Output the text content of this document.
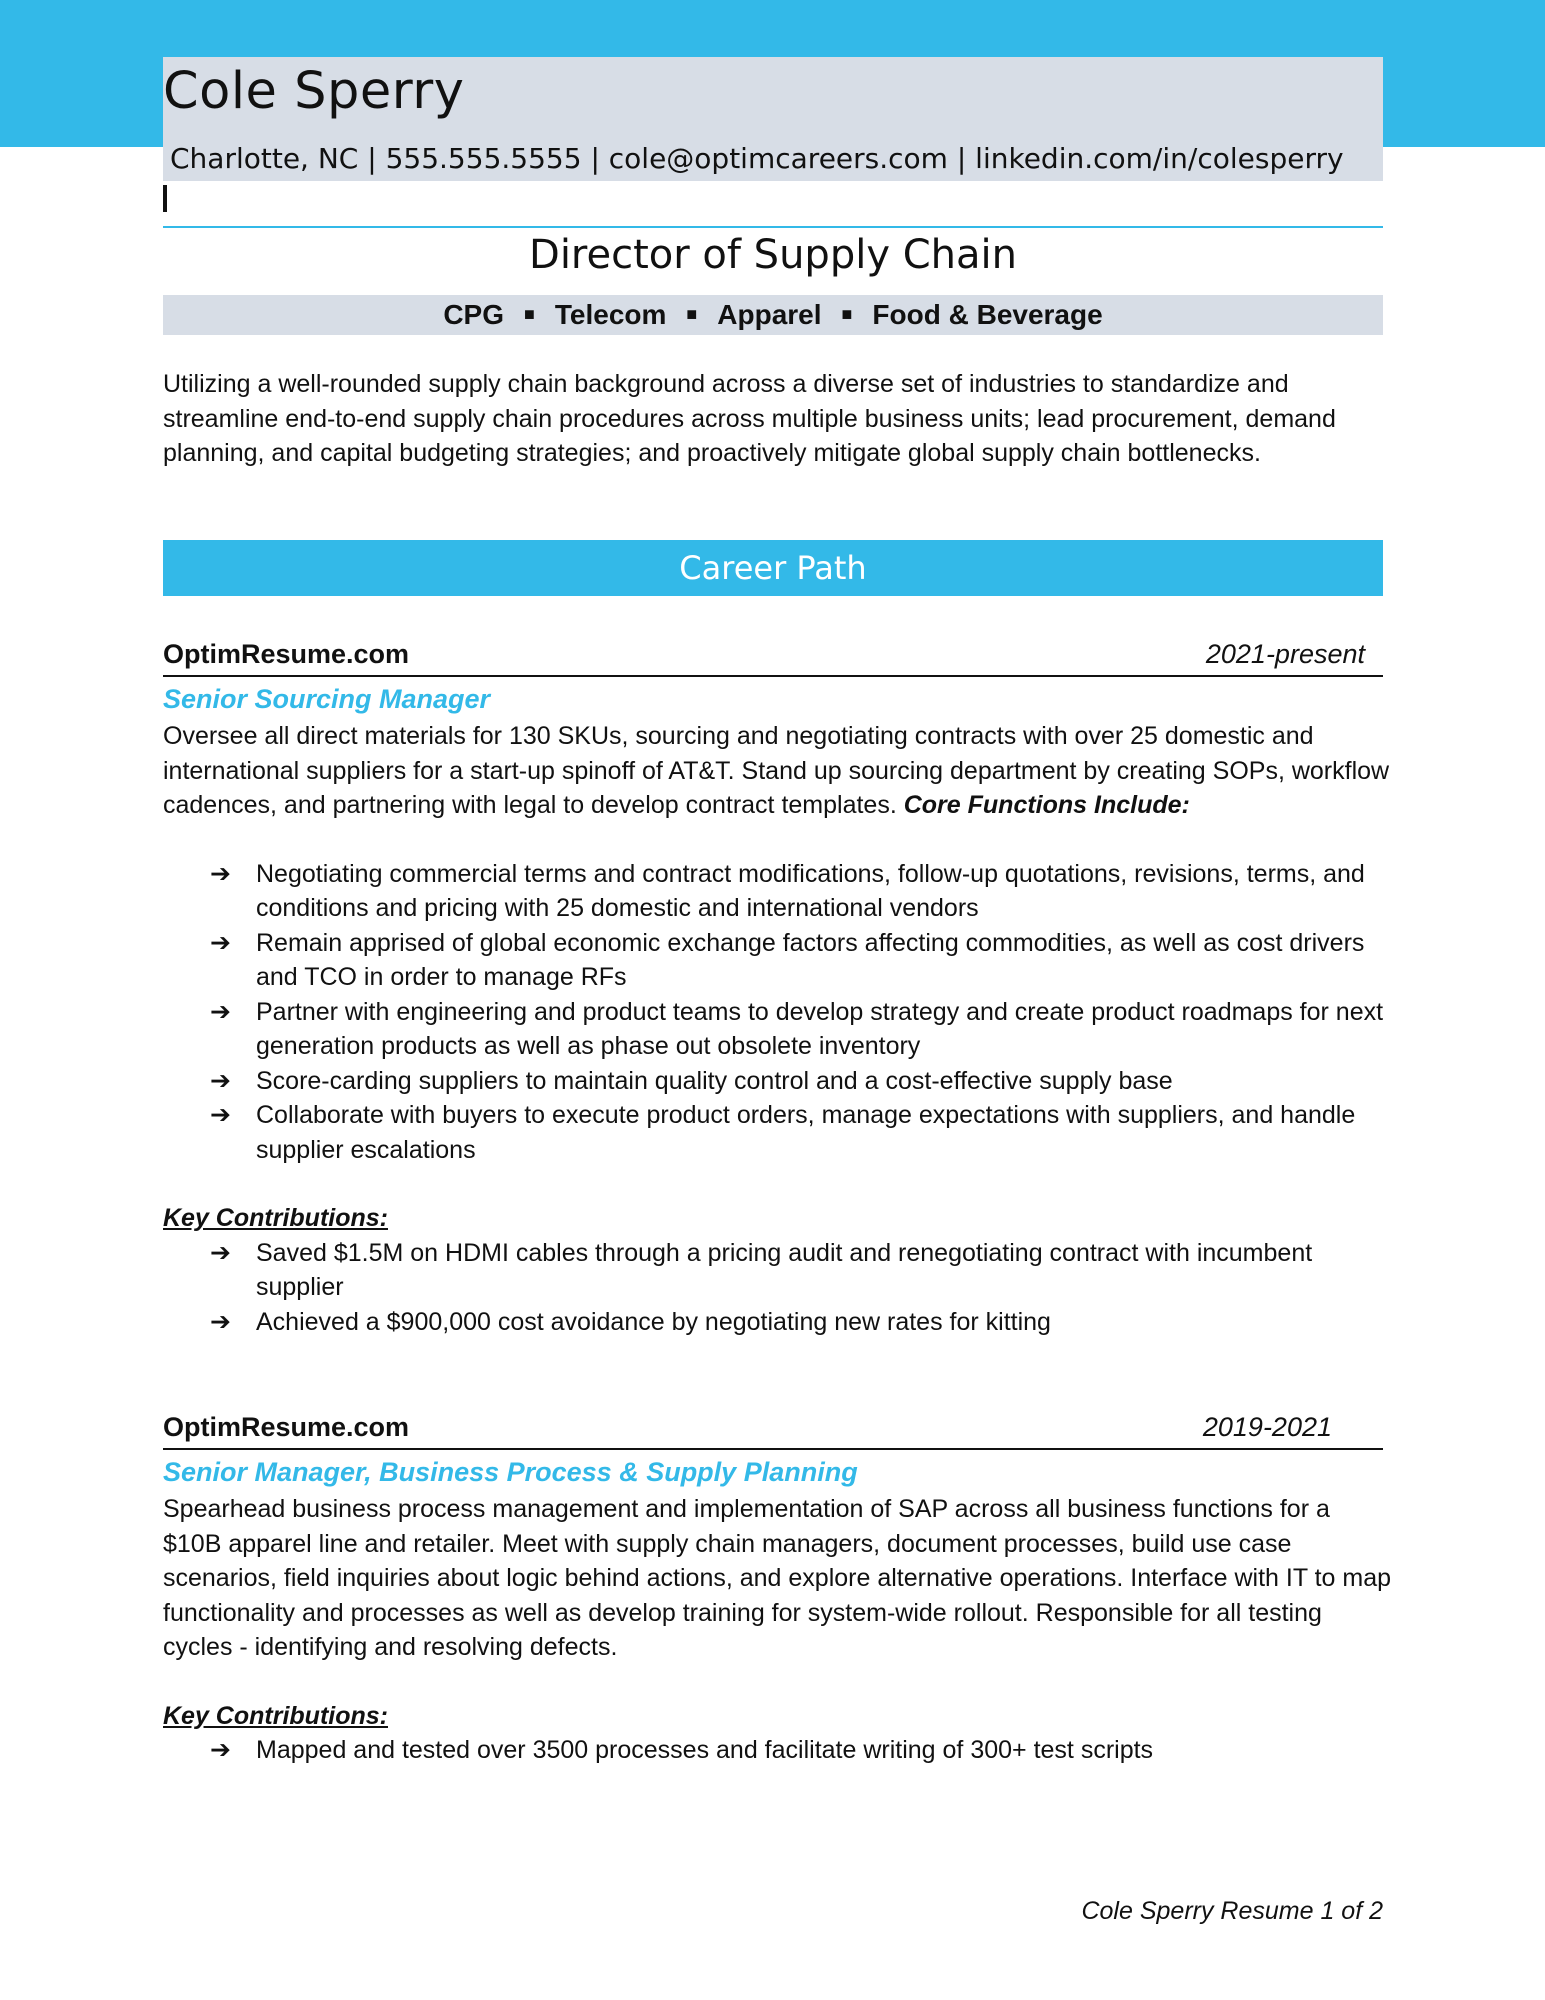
Cole Sperry
Charlotte, NC | 555.555.5555 | cole@optimcareers.com | linkedin.com/in/colesperry
Director of Supply Chain
CPG ■ Telecom ■ Apparel ■ Food & Beverage
Utilizing a well-rounded supply chain background across a diverse set of industries to standardize and streamline end-to-end supply chain procedures across multiple business units; lead procurement, demand planning, and capital budgeting strategies; and proactively mitigate global supply chain bottlenecks.
Career Path
OptimResume.com	2021-present
Senior Sourcing Manager
Oversee all direct materials for 130 SKUs, sourcing and negotiating contracts with over 25 domestic and international suppliers for a start-up spinoff of AT&T. Stand up sourcing department by creating SOPs, workflow cadences, and partnering with legal to develop contract templates. Core Functions Include:
➔ Negotiating commercial terms and contract modifications, follow-up quotations, revisions, terms, and conditions and pricing with 25 domestic and international vendors
➔ Remain apprised of global economic exchange factors affecting commodities, as well as cost drivers and TCO in order to manage RFs
➔ Partner with engineering and product teams to develop strategy and create product roadmaps for next generation products as well as phase out obsolete inventory
➔ Score-carding suppliers to maintain quality control and a cost-effective supply base
➔ Collaborate with buyers to execute product orders, manage expectations with suppliers, and handle supplier escalations
Key Contributions:
➔ Saved $1.5M on HDMI cables through a pricing audit and renegotiating contract with incumbent supplier
➔ Achieved a $900,000 cost avoidance by negotiating new rates for kitting
OptimResume.com	2019-2021
Senior Manager, Business Process & Supply Planning
Spearhead business process management and implementation of SAP across all business functions for a $10B apparel line and retailer. Meet with supply chain managers, document processes, build use case scenarios, field inquiries about logic behind actions, and explore alternative operations. Interface with IT to map functionality and processes as well as develop training for system-wide rollout. Responsible for all testing cycles - identifying and resolving defects.
Key Contributions:
➔ Mapped and tested over 3500 processes and facilitate writing of 300+ test scripts
Cole Sperry Resume 1 of 2
